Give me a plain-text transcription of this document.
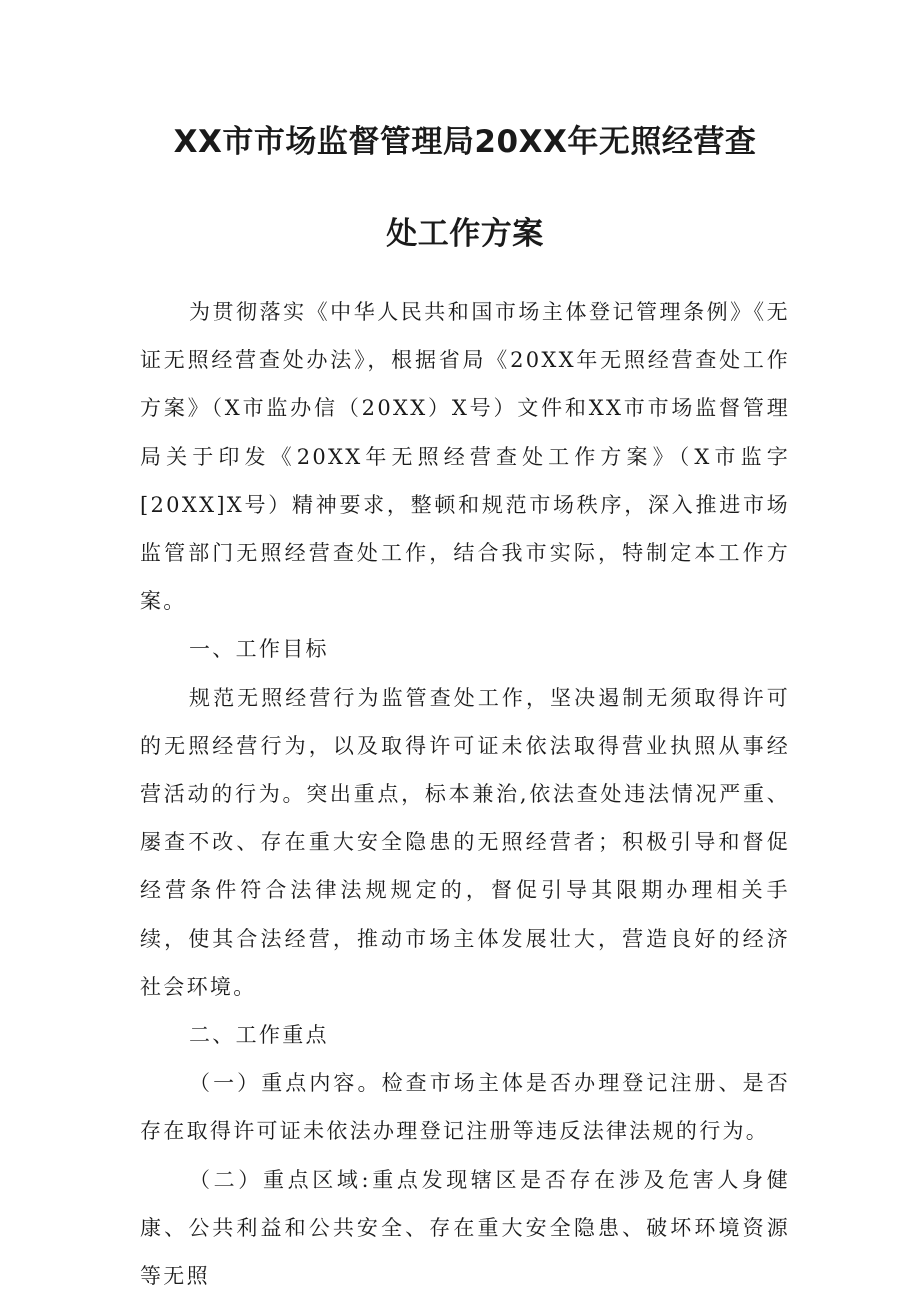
XX市市场监督管理局20XX年无照经营查
处工作方案

为贯彻落实《中华人民共和国市场主体登记管理条例》《无证无照经营查处办法》，根据省局《20XX年无照经营查处工作方案》（X市监办信（20XX）X号）文件和XX市市场监督管理局关于印发《20XX年无照经营查处工作方案》（X市监字[20XX]X号）精神要求，整顿和规范市场秩序，深入推进市场监管部门无照经营查处工作，结合我市实际，特制定本工作方案。

一、工作目标

规范无照经营行为监管查处工作，坚决遏制无须取得许可的无照经营行为，以及取得许可证未依法取得营业执照从事经营活动的行为。突出重点，标本兼治,依法查处违法情况严重、屡查不改、存在重大安全隐患的无照经营者；积极引导和督促经营条件符合法律法规规定的，督促引导其限期办理相关手续，使其合法经营，推动市场主体发展壮大，营造良好的经济社会环境。

二、工作重点

（一）重点内容。检查市场主体是否办理登记注册、是否存在取得许可证未依法办理登记注册等违反法律法规的行为。

（二）重点区域:重点发现辖区是否存在涉及危害人身健康、公共利益和公共安全、存在重大安全隐患、破坏环境资源等无照
